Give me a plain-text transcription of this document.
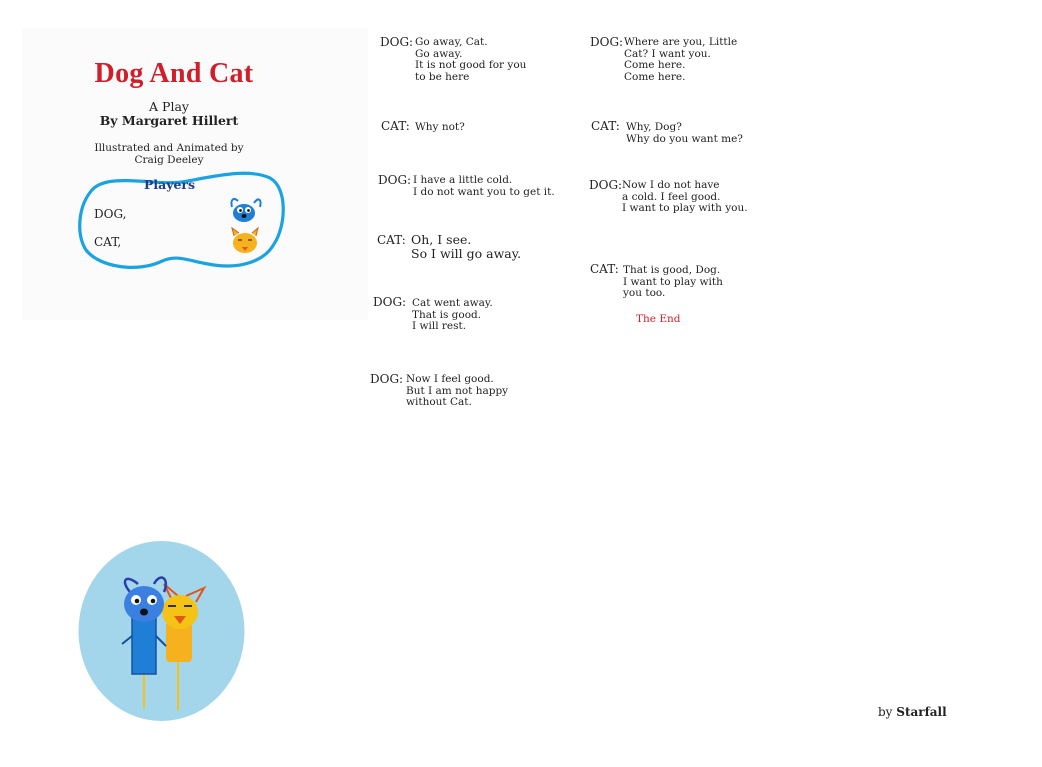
Dog And Cat
A Play
By Margaret Hillert
Illustrated and Animated by
Craig Deeley
Players
DOG,
CAT,
DOG: Go away, Cat.
Go away.
It is not good for you
to be here
CAT: Why not?
DOG: I have a little cold.
I do not want you to get it.
CAT: Oh, I see.
So I will go away.
DOG: Cat went away.
That is good.
I will rest.
DOG: Now I feel good.
But I am not happy
without Cat.
DOG: Where are you, Little
Cat? I want you.
Come here.
Come here.
CAT: Why, Dog?
Why do you want me?
DOG: Now I do not have
a cold. I feel good.
I want to play with you.
CAT: That is good, Dog.
I want to play with
you too.
The End
by Starfall
